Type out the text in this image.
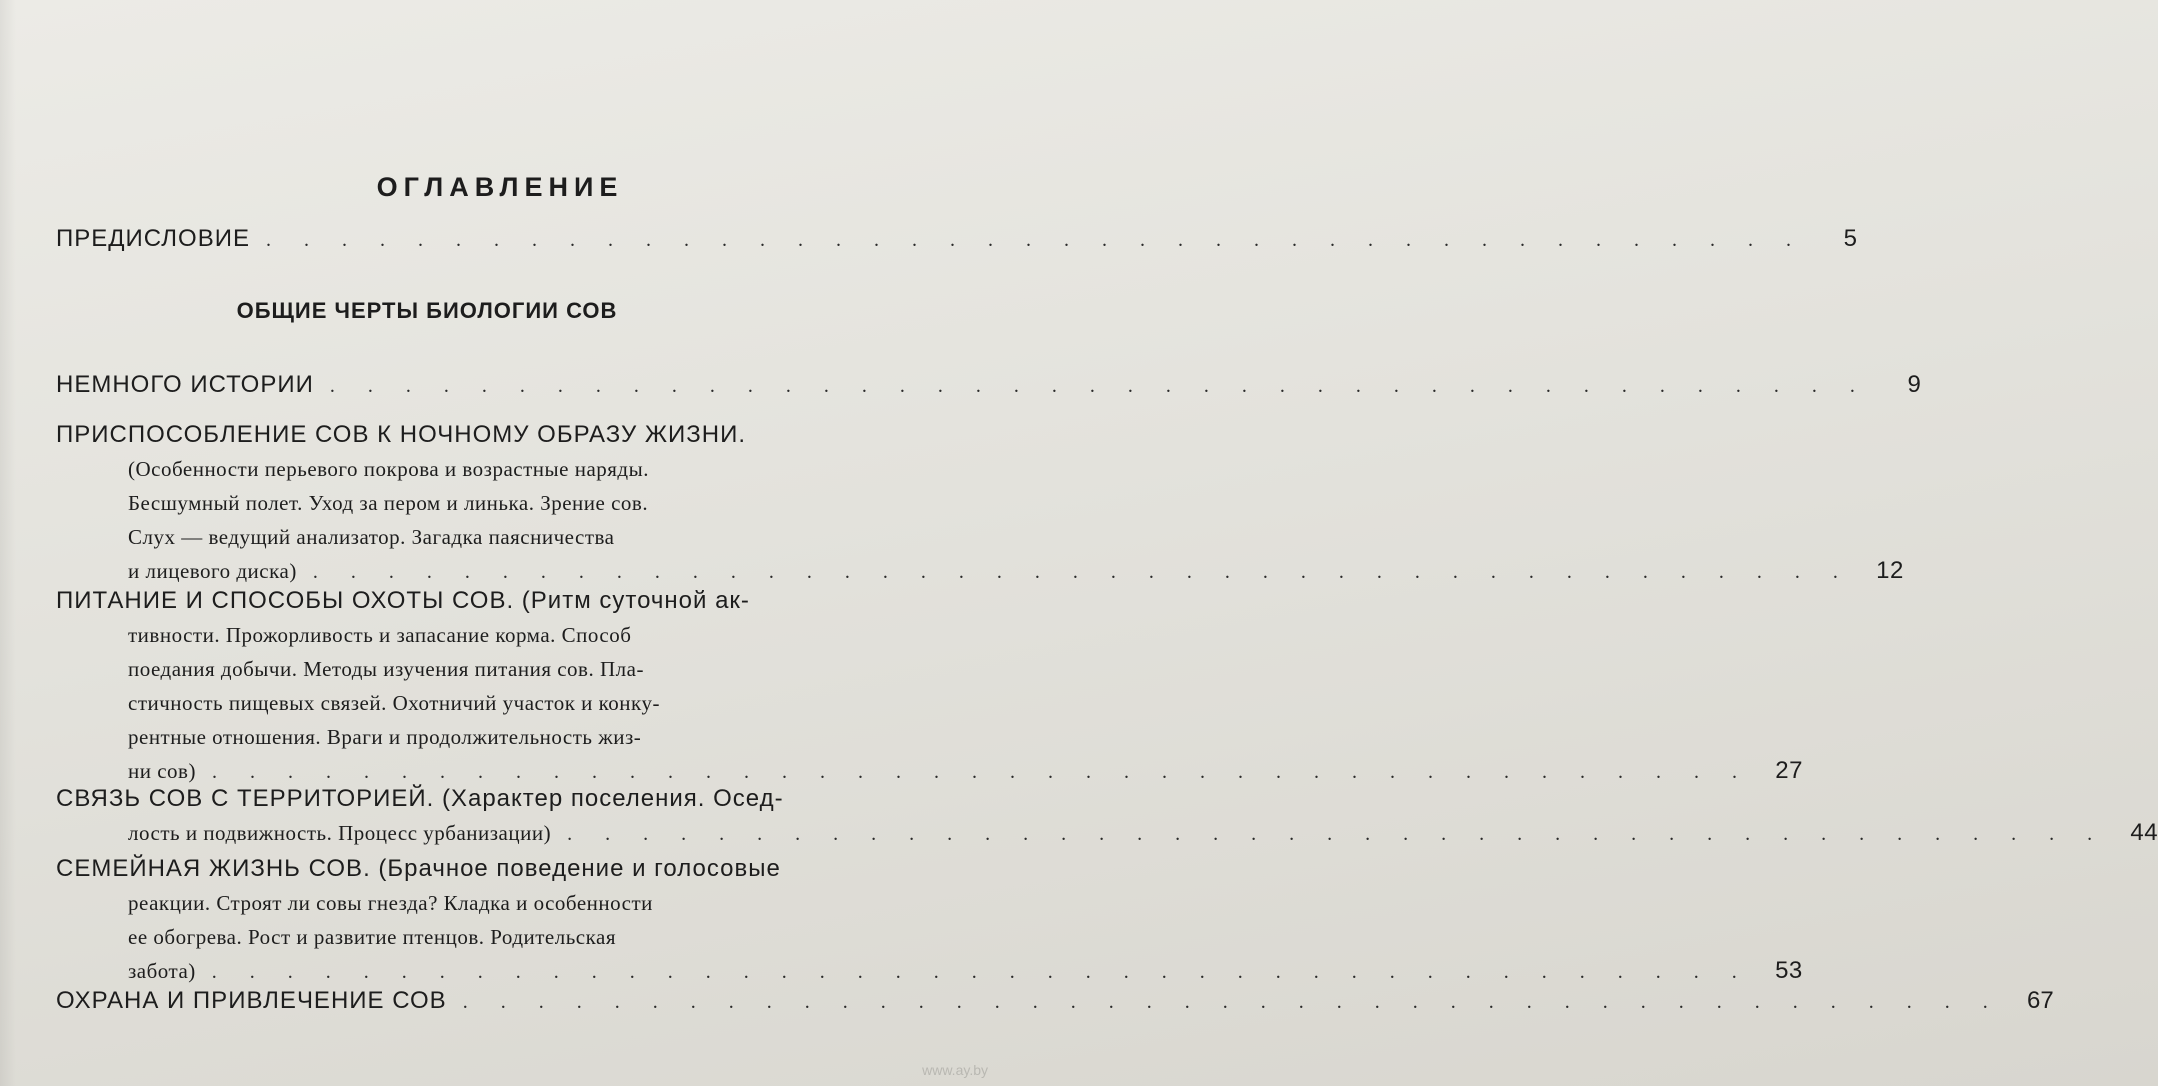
ОГЛАВЛЕНИЕ
ПРЕДИСЛОВИЕ . . . . . . . . . . . . . . . . . . . . . . . . . . . . . . . . . . . . . . . . .	5
ОБЩИЕ ЧЕРТЫ БИОЛОГИИ СОВ
НЕМНОГО ИСТОРИИ . . . . . . . . . . . . . . . . . . . . . . . . . . . . . . . . . . . . . . . . .	9
ПРИСПОСОБЛЕНИЕ СОВ К НОЧНОМУ ОБРАЗУ ЖИЗНИ.
(Особенности перьевого покрова и возрастные наряды.
Бесшумный полет. Уход за пером и линька. Зрение сов.
Слух — ведущий анализатор. Загадка паясничества
и лицевого диска) . . . . . . . . . . . . . . . . . . . . . . . . . . . . . . . . . . . . . . . . .	12
ПИТАНИЕ И СПОСОБЫ ОХОТЫ СОВ. (Ритм суточной ак-
тивности. Прожорливость и запасание корма. Способ
поедания добычи. Методы изучения питания сов. Пла-
стичность пищевых связей. Охотничий участок и конку-
рентные отношения. Враги и продолжительность жиз-
ни сов) . . . . . . . . . . . . . . . . . . . . . . . . . . . . . . . . . . . . . . . . .	27
СВЯЗЬ СОВ С ТЕРРИТОРИЕЙ. (Характер поселения. Осед-
лость и подвижность. Процесс урбанизации) . . . . . . . . . . . . . . . . . . . . . . . . . . . . . . . . . . . . . . . . .	44
СЕМЕЙНАЯ ЖИЗНЬ СОВ. (Брачное поведение и голосовые
реакции. Строят ли совы гнезда? Кладка и особенности
ее обогрева. Рост и развитие птенцов. Родительская
забота) . . . . . . . . . . . . . . . . . . . . . . . . . . . . . . . . . . . . . . . . .	53
ОХРАНА И ПРИВЛЕЧЕНИЕ СОВ . . . . . . . . . . . . . . . . . . . . . . . . . . . . . . . . . . . . . . . . .	67
www.ay.by
